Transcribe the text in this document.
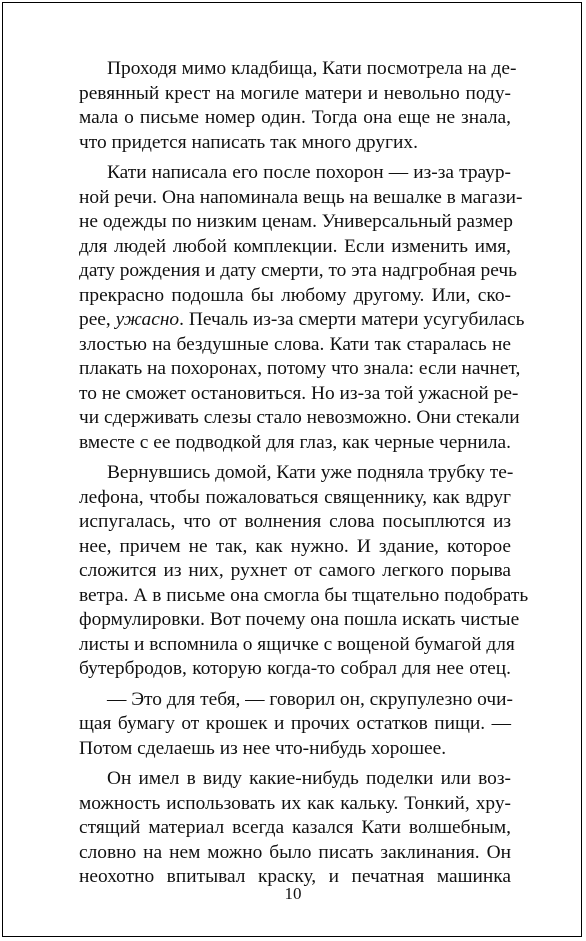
Проходя мимо кладбища, Кати посмотрела на де-
ревянный крест на могиле матери и невольно поду-
мала о письме номер один. Тогда она еще не знала,
что придется написать так много других.

Кати написала его после похорон — из-за траур-
ной речи. Она напоминала вещь на вешалке в магази-
не одежды по низким ценам. Универсальный размер
для людей любой комплекции. Если изменить имя,
дату рождения и дату смерти, то эта надгробная речь
прекрасно подошла бы любому другому. Или, ско-
рее, ужасно. Печаль из-за смерти матери усугубилась
злостью на бездушные слова. Кати так старалась не
плакать на похоронах, потому что знала: если начнет,
то не сможет остановиться. Но из-за той ужасной ре-
чи сдерживать слезы стало невозможно. Они стекали
вместе с ее подводкой для глаз, как черные чернила.

Вернувшись домой, Кати уже подняла трубку те-
лефона, чтобы пожаловаться священнику, как вдруг
испугалась, что от волнения слова посыплются из
нее, причем не так, как нужно. И здание, которое
сложится из них, рухнет от самого легкого порыва
ветра. А в письме она смогла бы тщательно подобрать
формулировки. Вот почему она пошла искать чистые
листы и вспомнила о ящичке с вощеной бумагой для
бутербродов, которую когда-то собрал для нее отец.

— Это для тебя, — говорил он, скрупулезно очи-
щая бумагу от крошек и прочих остатков пищи. —
Потом сделаешь из нее что-нибудь хорошее.

Он имел в виду какие-нибудь поделки или воз-
можность использовать их как кальку. Тонкий, хру-
стящий материал всегда казался Кати волшебным,
словно на нем можно было писать заклинания. Он
неохотно впитывал краску, и печатная машинка

10
